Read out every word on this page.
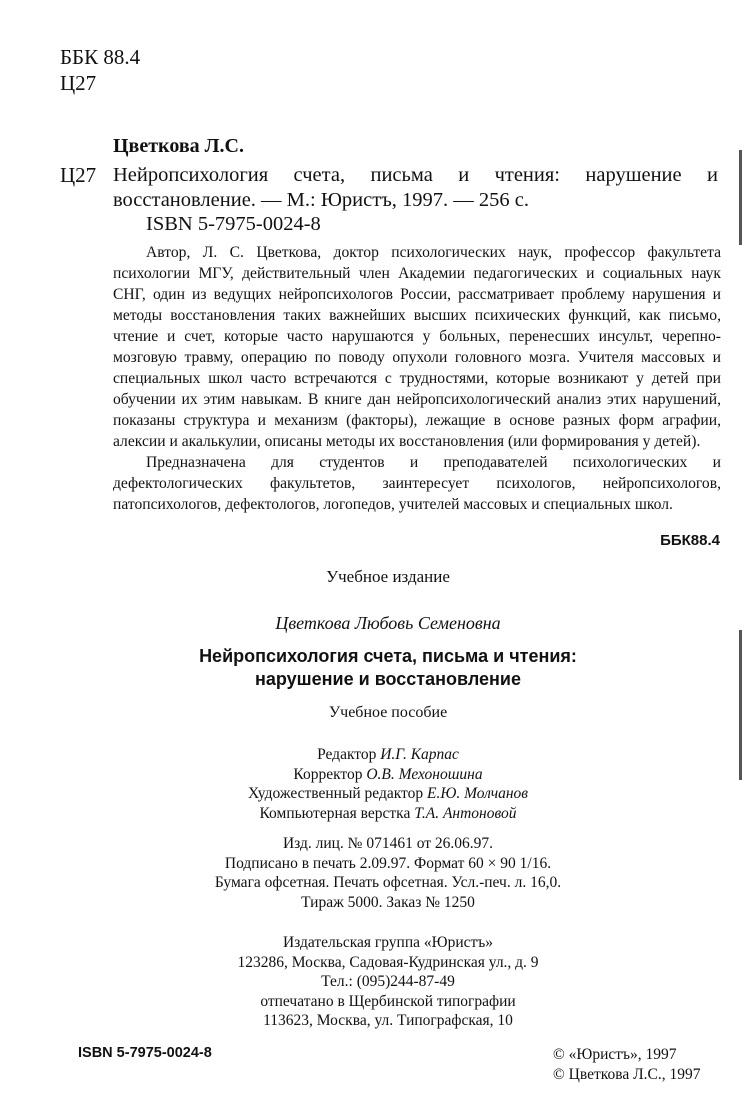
ББК 88.4
Ц27
Цветкова Л.С.
Ц27 Нейропсихология счета, письма и чтения: нарушение и восстановление. — М.: Юристъ, 1997. — 256 с.
ISBN 5-7975-0024-8

Автор, Л. С. Цветкова, доктор психологических наук, профессор факультета психологии МГУ, действительный член Академии педагогических и социальных наук СНГ, один из ведущих нейропсихологов России, рассматривает проблему нарушения и методы восстановления таких важнейших высших психических функций, как письмо, чтение и счет, которые часто нарушаются у больных, перенесших инсульт, черепно-мозговую травму, операцию по поводу опухоли головного мозга. Учителя массовых и специальных школ часто встречаются с трудностями, которые возникают у детей при обучении их этим навыкам. В книге дан нейропсихологический анализ этих нарушений, показаны структура и механизм (факторы), лежащие в основе разных форм аграфии, алексии и акалькулии, описаны методы их восстановления (или формирования у детей).

Предназначена для студентов и преподавателей психологических и дефектологических факультетов, заинтересует психологов, нейропсихологов, патопсихологов, дефектологов, логопедов, учителей массовых и специальных школ.

ББК88.4
Учебное издание
Цветкова Любовь Семеновна
Нейропсихология счета, письма и чтения:
нарушение и восстановление
Учебное пособие
Редактор И.Г. Карпас
Корректор О.В. Мехоношина
Художественный редактор Е.Ю. Молчанов
Компьютерная верстка Т.А. Антоновой
Изд. лиц. № 071461 от 26.06.97.
Подписано в печать 2.09.97. Формат 60 × 90 1/16.
Бумага офсетная. Печать офсетная. Усл.-печ. л. 16,0.
Тираж 5000. Заказ № 1250
Издательская группа «Юристъ»
123286, Москва, Садовая-Кудринская ул., д. 9
Тел.: (095)244-87-49
отпечатано в Щербинской типографии
113623, Москва, ул. Типографская, 10
ISBN 5-7975-0024-8	© «Юристъ», 1997
© Цветкова Л.С., 1997
